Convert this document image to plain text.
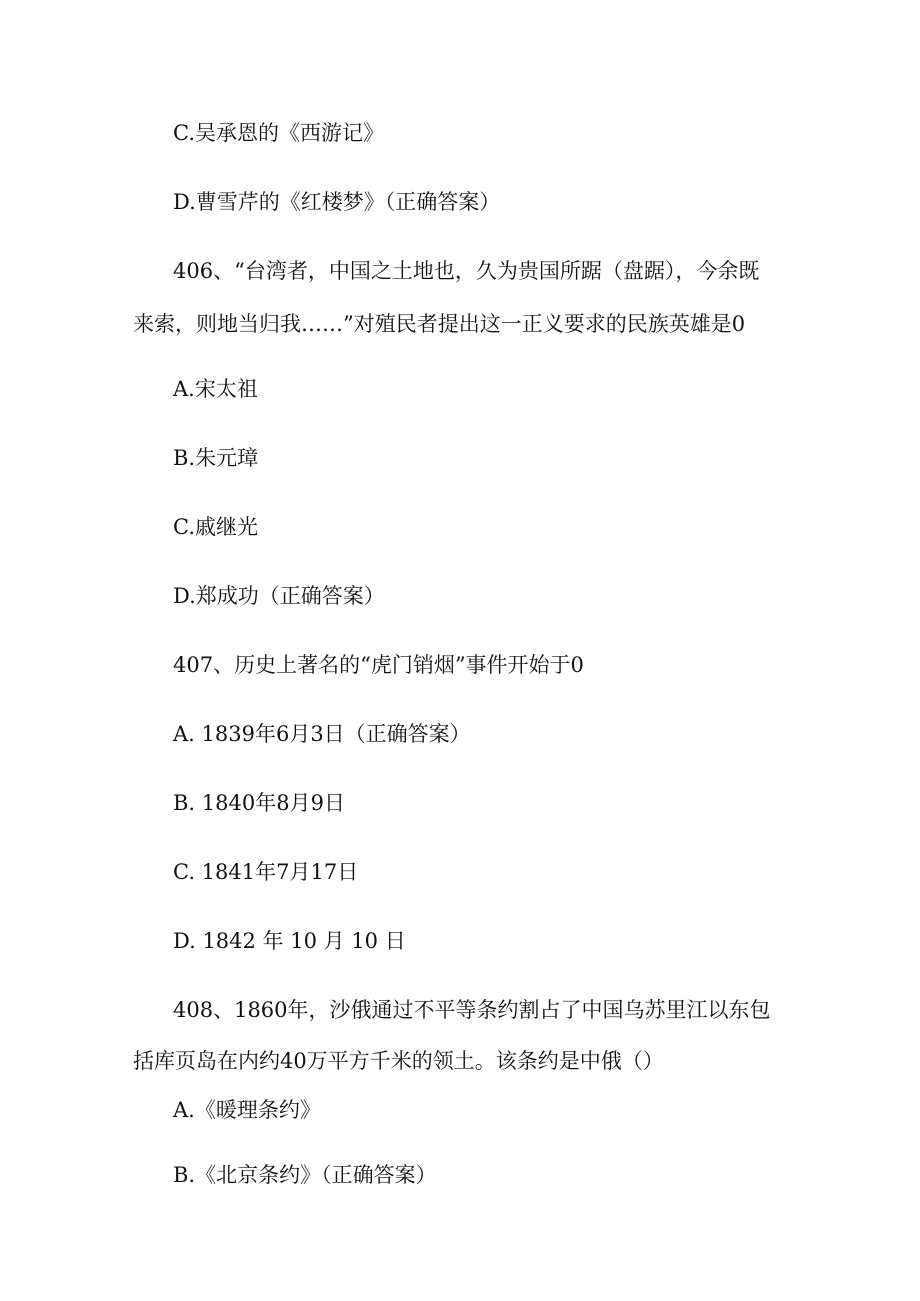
C.吴承恩的《西游记》
D.曹雪芹的《红楼梦》（正确答案）
406、“台湾者，中国之土地也，久为贵国所踞（盘踞），今余既
来索，则地当归我……”对殖民者提出这一正义要求的民族英雄是0
A.宋太祖
B.朱元璋
C.戚继光
D.郑成功（正确答案）
407、历史上著名的“虎门销烟”事件开始于0
A. 1839年6月3日（正确答案）
B. 1840年8月9日
C. 1841年7月17日
D. 1842 年 10 月 10 日
408、1860年，沙俄通过不平等条约割占了中国乌苏里江以东包
括库页岛在内约40万平方千米的领土。该条约是中俄（）
A.《暖理条约》
B.《北京条约》（正确答案）
